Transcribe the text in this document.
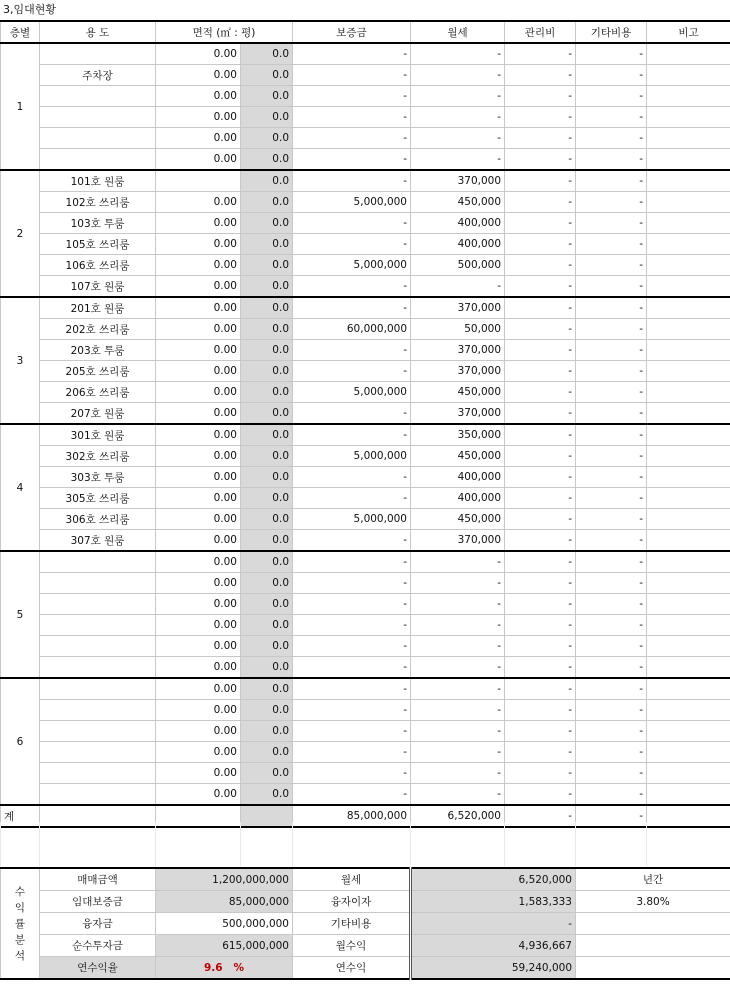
3,임대현황
층별	용 도	면적 (㎡ : 평)		보증금	월세	관리비	기타비용	비고
1		0.00	0.0	-	-	-	-	
	주차장	0.00	0.0	-	-	-	-	
		0.00	0.0	-	-	-	-	
		0.00	0.0	-	-	-	-	
		0.00	0.0	-	-	-	-	
		0.00	0.0	-	-	-	-	
2	101호 원룸		0.0	-	370,000	-	-	
	102호 쓰리룸	0.00	0.0	5,000,000	450,000	-	-	
	103호 투룸	0.00	0.0	-	400,000	-	-	
	105호 쓰리룸	0.00	0.0	-	400,000	-	-	
	106호 쓰리룸	0.00	0.0	5,000,000	500,000	-	-	
	107호 원룸	0.00	0.0	-	-	-	-	
3	201호 원룸	0.00	0.0	-	370,000	-	-	
	202호 쓰리룸	0.00	0.0	60,000,000	50,000	-	-	
	203호 투룸	0.00	0.0	-	370,000	-	-	
	205호 쓰리룸	0.00	0.0	-	370,000	-	-	
	206호 쓰리룸	0.00	0.0	5,000,000	450,000	-	-	
	207호 원룸	0.00	0.0	-	370,000	-	-	
4	301호 원룸	0.00	0.0	-	350,000	-	-	
	302호 쓰리룸	0.00	0.0	5,000,000	450,000	-	-	
	303호 투룸	0.00	0.0	-	400,000	-	-	
	305호 쓰리룸	0.00	0.0	-	400,000	-	-	
	306호 쓰리룸	0.00	0.0	5,000,000	450,000	-	-	
	307호 원룸	0.00	0.0	-	370,000	-	-	
5		0.00	0.0	-	-	-	-	
		0.00	0.0	-	-	-	-	
		0.00	0.0	-	-	-	-	
		0.00	0.0	-	-	-	-	
		0.00	0.0	-	-	-	-	
		0.00	0.0	-	-	-	-	
6		0.00	0.0	-	-	-	-	
		0.00	0.0	-	-	-	-	
		0.00	0.0	-	-	-	-	
		0.00	0.0	-	-	-	-	
		0.00	0.0	-	-	-	-	
		0.00	0.0	-	-	-	-	
계				85,000,000	6,520,000	-	-	

수
익
률
분
석	매매금액	1,200,000,000	월세	6,520,000	년간
	임대보증금	85,000,000	융자이자	1,583,333	3.80%
	융자금	500,000,000	기타비용	-	
	순수투자금	615,000,000	월수익	4,936,667	
	연수익율	9.6 %	연수익	59,240,000	
